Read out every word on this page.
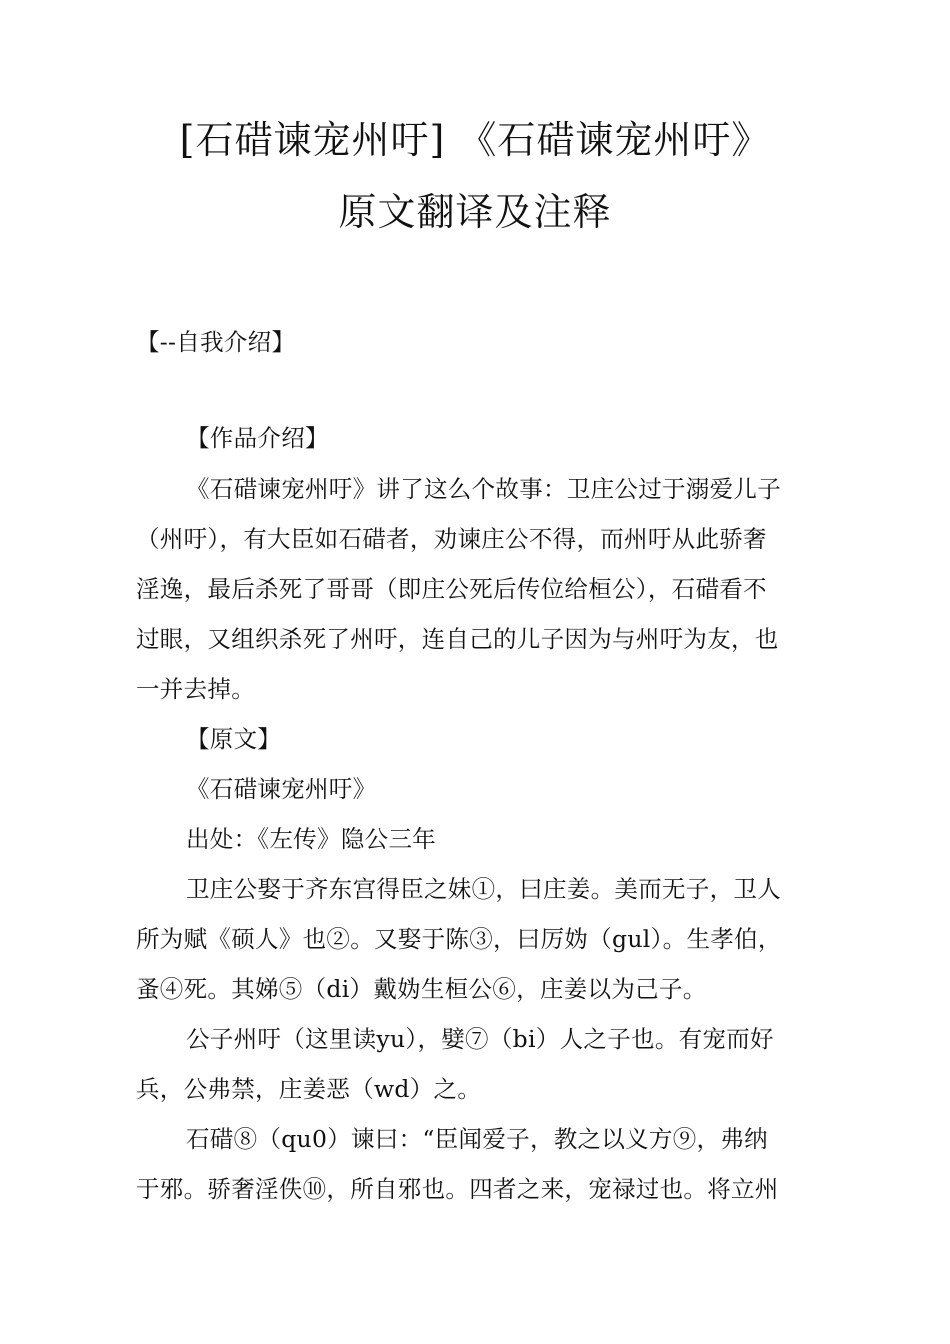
[石碏谏宠州吁] 《石碏谏宠州吁》
原文翻译及注释
【--自我介绍】
【作品介绍】
《石碏谏宠州吁》讲了这么个故事：卫庄公过于溺爱儿子
（州吁），有大臣如石碏者，劝谏庄公不得，而州吁从此骄奢
淫逸，最后杀死了哥哥（即庄公死后传位给桓公），石碏看不
过眼，又组织杀死了州吁，连自己的儿子因为与州吁为友，也
一并去掉。
【原文】
《石碏谏宠州吁》
出处：《左传》隐公三年
卫庄公娶于齐东宫得臣之妹①，曰庄姜。美而无子，卫人
所为赋《硕人》也②。又娶于陈③，曰厉妫（gul）。生孝伯，
蚤④死。其娣⑤（di）戴妫生桓公⑥，庄姜以为己子。
公子州吁（这里读yu），嬖⑦（bi）人之子也。有宠而好
兵，公弗禁，庄姜恶（wd）之。
石碏⑧（qu0）谏曰：“臣闻爱子，教之以义方⑨，弗纳
于邪。骄奢淫佚⑩，所自邪也。四者之来，宠禄过也。将立州
